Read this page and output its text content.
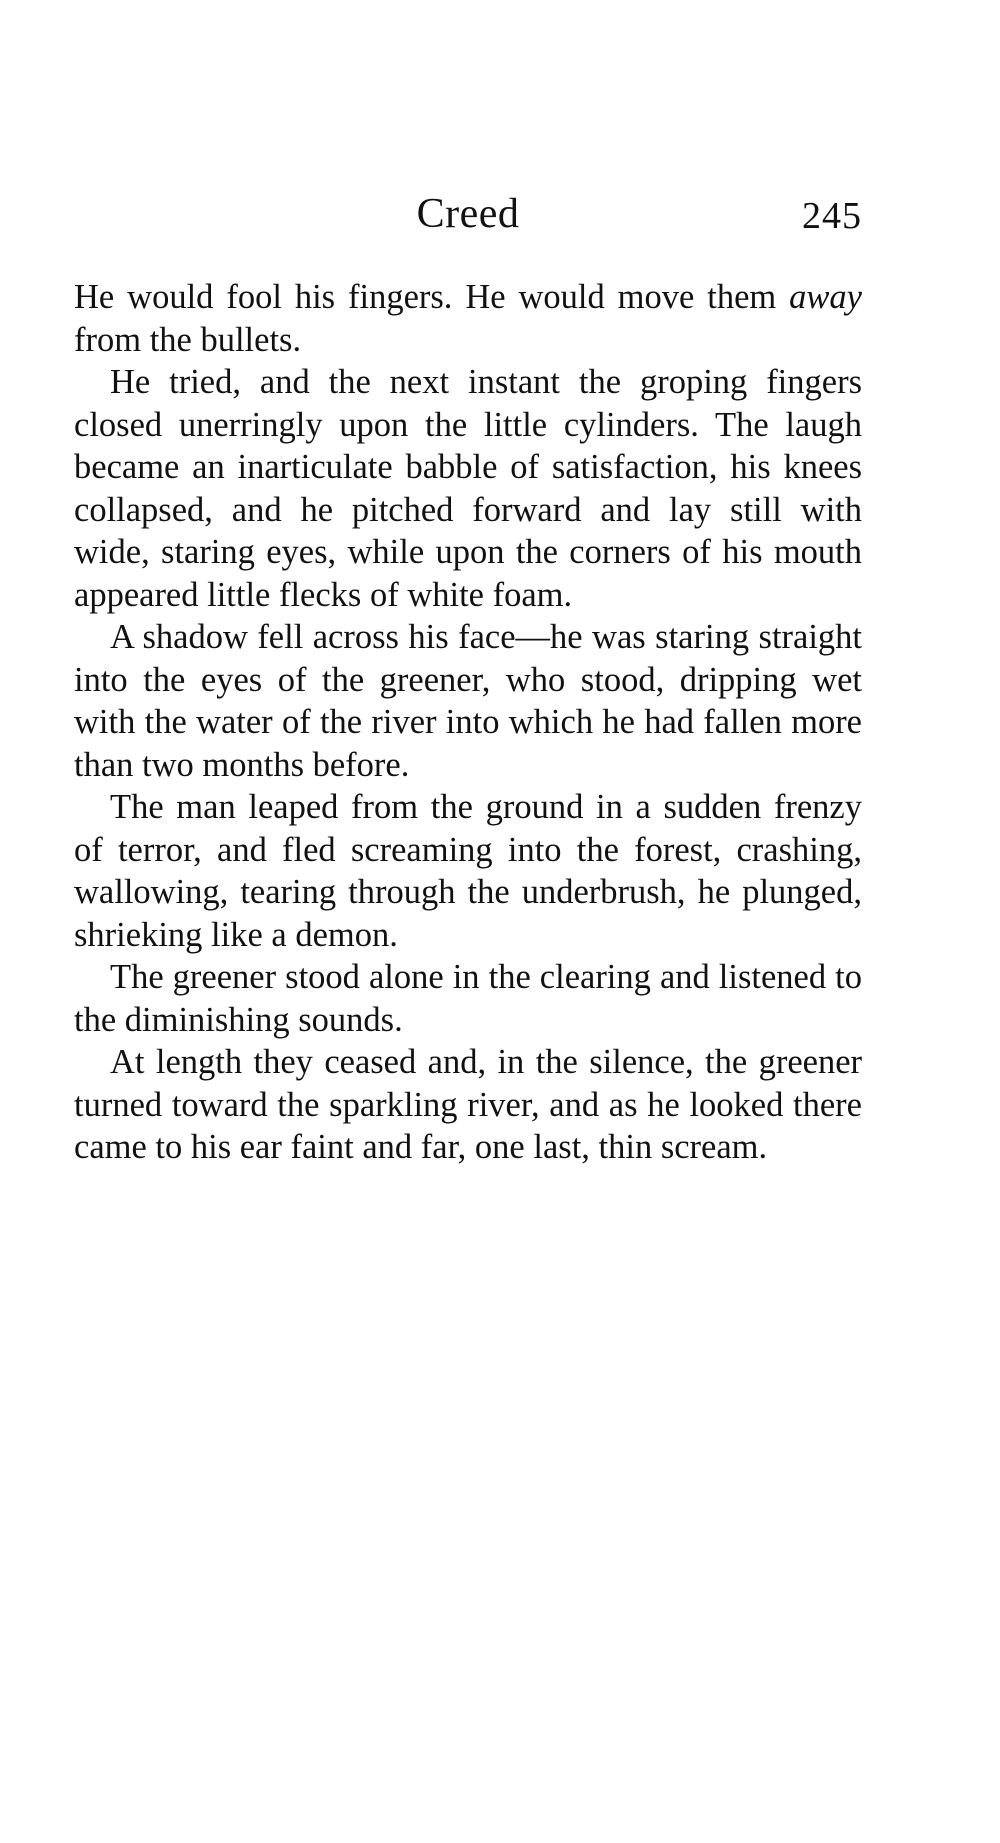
Creed	245

He would fool his fingers. He would move them away from the bullets.

He tried, and the next instant the groping fingers closed unerringly upon the little cylinders. The laugh became an inarticulate babble of satisfaction, his knees collapsed, and he pitched forward and lay still with wide, staring eyes, while upon the corners of his mouth appeared little flecks of white foam.

A shadow fell across his face—he was staring straight into the eyes of the greener, who stood, dripping wet with the water of the river into which he had fallen more than two months before.

The man leaped from the ground in a sudden frenzy of terror, and fled screaming into the forest, crashing, wallowing, tearing through the underbrush, he plunged, shrieking like a demon.

The greener stood alone in the clearing and listened to the diminishing sounds.

At length they ceased and, in the silence, the greener turned toward the sparkling river, and as he looked there came to his ear faint and far, one last, thin scream.
